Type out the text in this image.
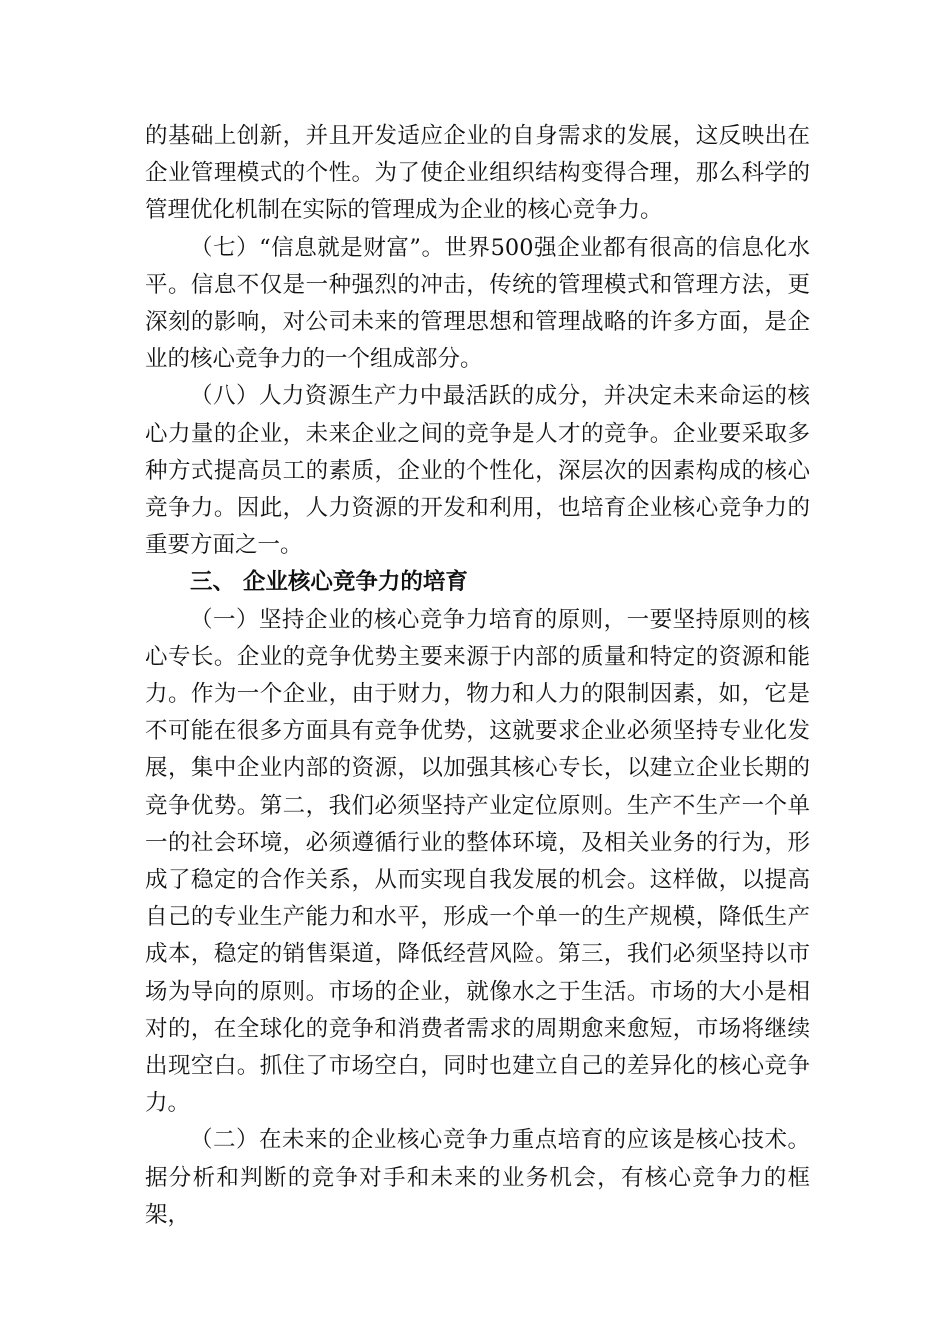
的基础上创新，并且开发适应企业的自身需求的发展，这反映出在企业管理模式的个性。为了使企业组织结构变得合理，那么科学的管理优化机制在实际的管理成为企业的核心竞争力。

（七）“信息就是财富”。世界500强企业都有很高的信息化水平。信息不仅是一种强烈的冲击，传统的管理模式和管理方法，更深刻的影响，对公司未来的管理思想和管理战略的许多方面，是企业的核心竞争力的一个组成部分。

（八）人力资源生产力中最活跃的成分，并决定未来命运的核心力量的企业，未来企业之间的竞争是人才的竞争。企业要采取多种方式提高员工的素质，企业的个性化，深层次的因素构成的核心竞争力。因此，人力资源的开发和利用，也培育企业核心竞争力的重要方面之一。

三、 企业核心竞争力的培育

（一）坚持企业的核心竞争力培育的原则，一要坚持原则的核心专长。企业的竞争优势主要来源于内部的质量和特定的资源和能力。作为一个企业，由于财力，物力和人力的限制因素，如，它是不可能在很多方面具有竞争优势，这就要求企业必须坚持专业化发展，集中企业内部的资源，以加强其核心专长，以建立企业长期的竞争优势。第二，我们必须坚持产业定位原则。生产不生产一个单一的社会环境，必须遵循行业的整体环境，及相关业务的行为，形成了稳定的合作关系，从而实现自我发展的机会。这样做，以提高自己的专业生产能力和水平，形成一个单一的生产规模，降低生产成本，稳定的销售渠道，降低经营风险。第三，我们必须坚持以市场为导向的原则。市场的企业，就像水之于生活。市场的大小是相对的，在全球化的竞争和消费者需求的周期愈来愈短，市场将继续出现空白。抓住了市场空白，同时也建立自己的差异化的核心竞争力。

（二）在未来的企业核心竞争力重点培育的应该是核心技术。据分析和判断的竞争对手和未来的业务机会，有核心竞争力的框架，
